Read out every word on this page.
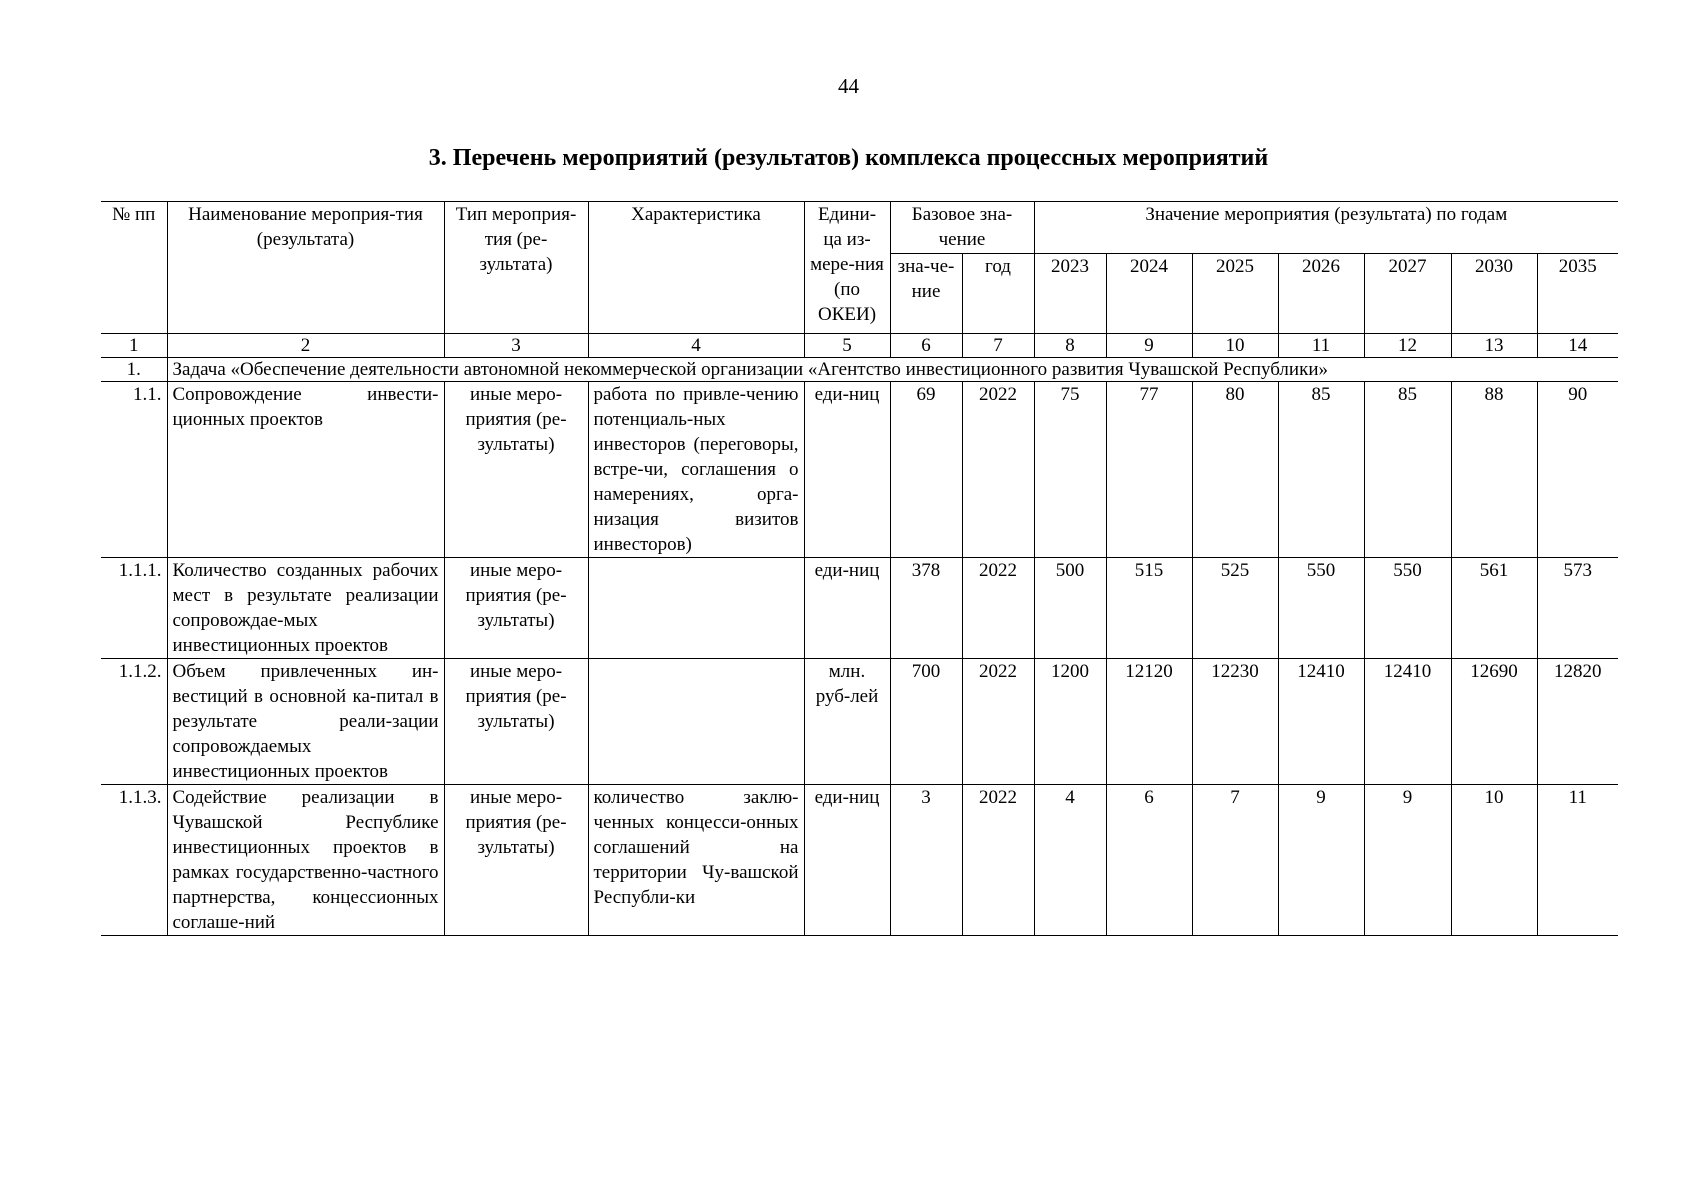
44
3. Перечень мероприятий (результатов) комплекса процессных мероприятий
№ пп	Наименование мероприя-тия (результата)	Тип мероприя-тия (ре-зультата)	Характеристика	Едини-ца из-мере-ния (по ОКЕИ)	Базовое зна-чение		Значение мероприятия (результата) по годам						
					зна-че-ние	год	2023	2024	2025	2026	2027	2030	2035
1	2	3	4	5	6	7	8	9	10	11	12	13	14
1.	Задача «Обеспечение деятельности автономной некоммерческой организации «Агентство инвестиционного развития Чувашской Республики»												
1.1.	Сопровождение инвести-ционных проектов	иные меро-приятия (ре-зультаты)	работа по привле-чению потенциаль-ных инвесторов (переговоры, встре-чи, соглашения о намерениях, орга-низация визитов инвесторов)	еди-ниц	69	2022	75	77	80	85	85	88	90
1.1.1.	Количество созданных рабочих мест в результате реализации сопровождае-мых инвестиционных проектов	иные меро-приятия (ре-зультаты)		еди-ниц	378	2022	500	515	525	550	550	561	573
1.1.2.	Объем привлеченных ин-вестиций в основной ка-питал в результате реали-зации сопровождаемых инвестиционных проектов	иные меро-приятия (ре-зультаты)		млн. руб-лей	700	2022	1200	12120	12230	12410	12410	12690	12820
1.1.3.	Содействие реализации в Чувашской Республике инвестиционных проектов в рамках государственно-частного партнерства, концессионных соглаше-ний	иные меро-приятия (ре-зультаты)	количество заклю-ченных концесси-онных соглашений на территории Чу-вашской Республи-ки	еди-ниц	3	2022	4	6	7	9	9	10	11
